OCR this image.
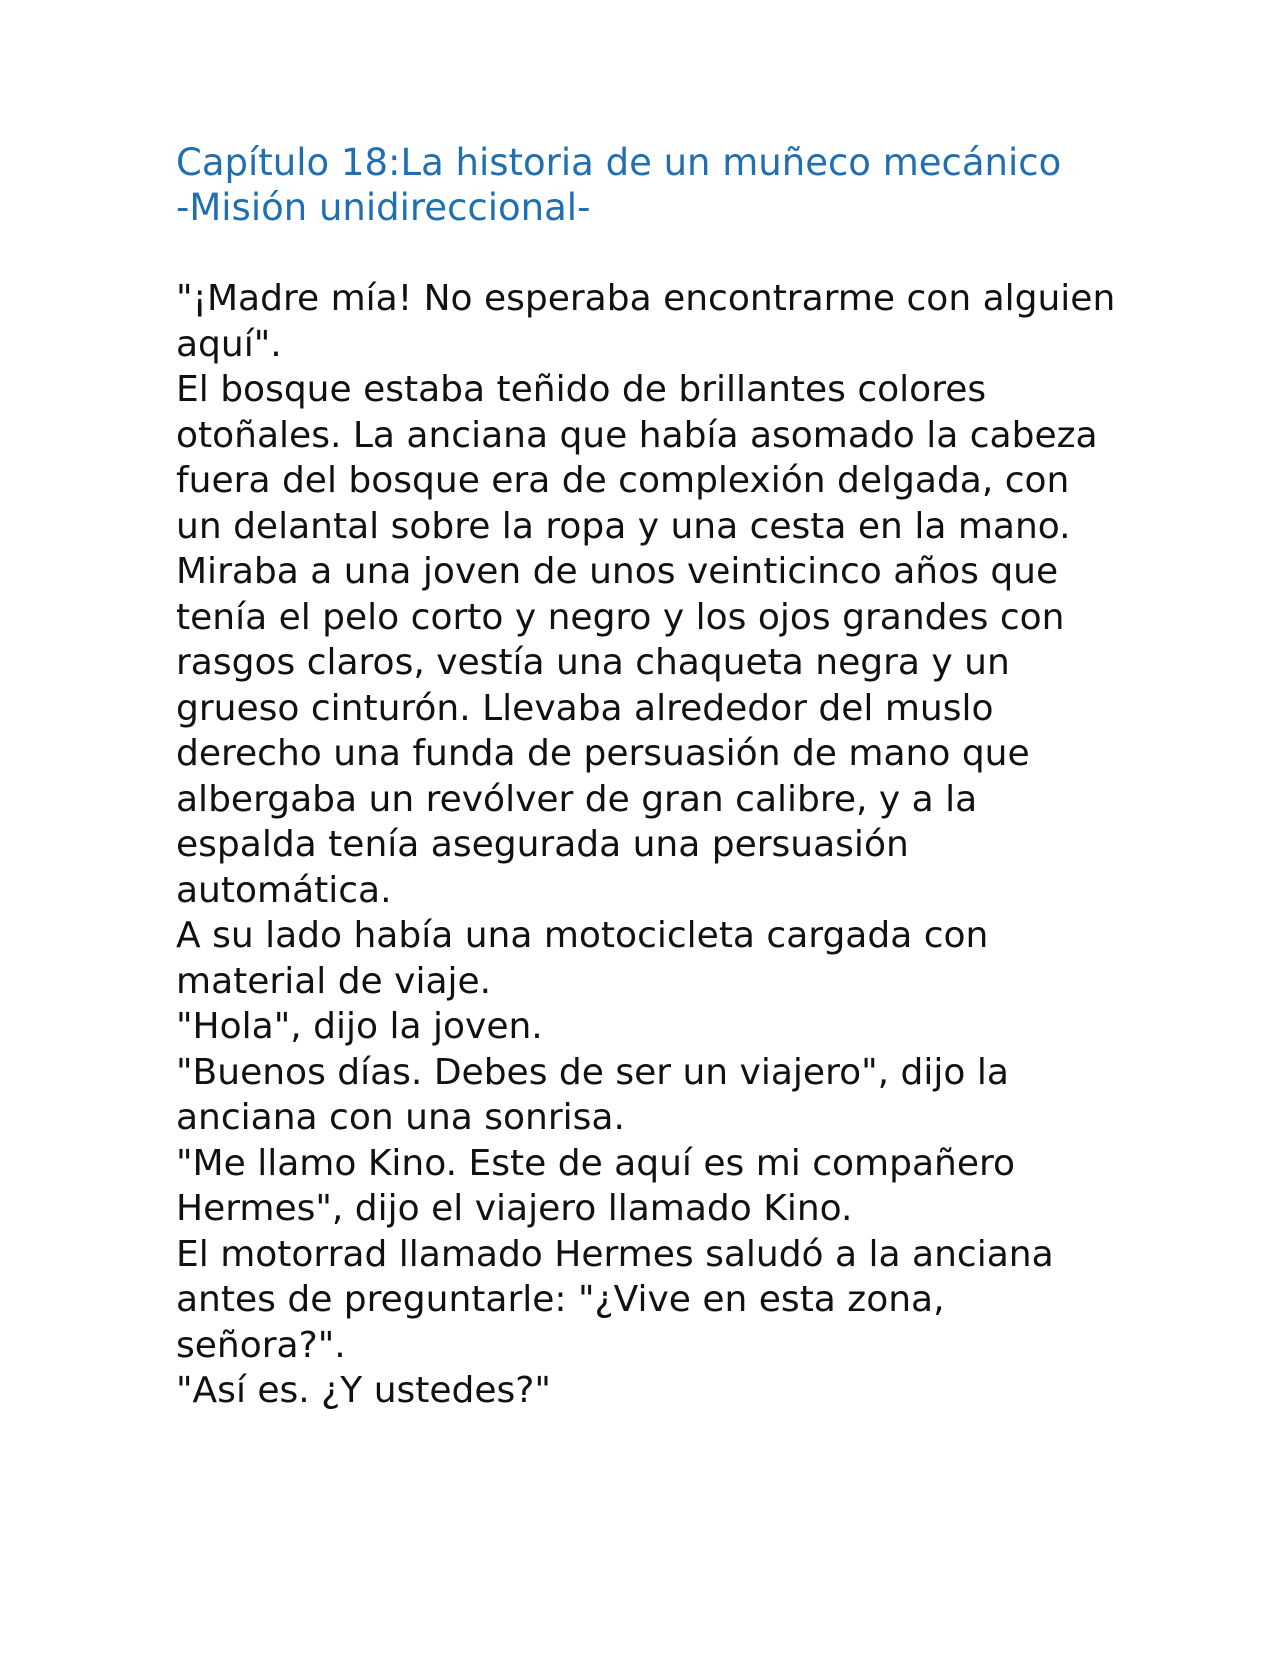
Capítulo 18:La historia de un muñeco mecánico
-Misión unidireccional-

"¡Madre mía! No esperaba encontrarme con alguien aquí".

El bosque estaba teñido de brillantes colores otoñales. La anciana que había asomado la cabeza fuera del bosque era de complexión delgada, con un delantal sobre la ropa y una cesta en la mano.

Miraba a una joven de unos veinticinco años que tenía el pelo corto y negro y los ojos grandes con rasgos claros, vestía una chaqueta negra y un grueso cinturón. Llevaba alrededor del muslo derecho una funda de persuasión de mano que albergaba un revólver de gran calibre, y a la espalda tenía asegurada una persuasión automática.

A su lado había una motocicleta cargada con material de viaje.

"Hola", dijo la joven.

"Buenos días. Debes de ser un viajero", dijo la anciana con una sonrisa.

"Me llamo Kino. Este de aquí es mi compañero Hermes", dijo el viajero llamado Kino.

El motorrad llamado Hermes saludó a la anciana antes de preguntarle: "¿Vive en esta zona, señora?".

"Así es. ¿Y ustedes?"
